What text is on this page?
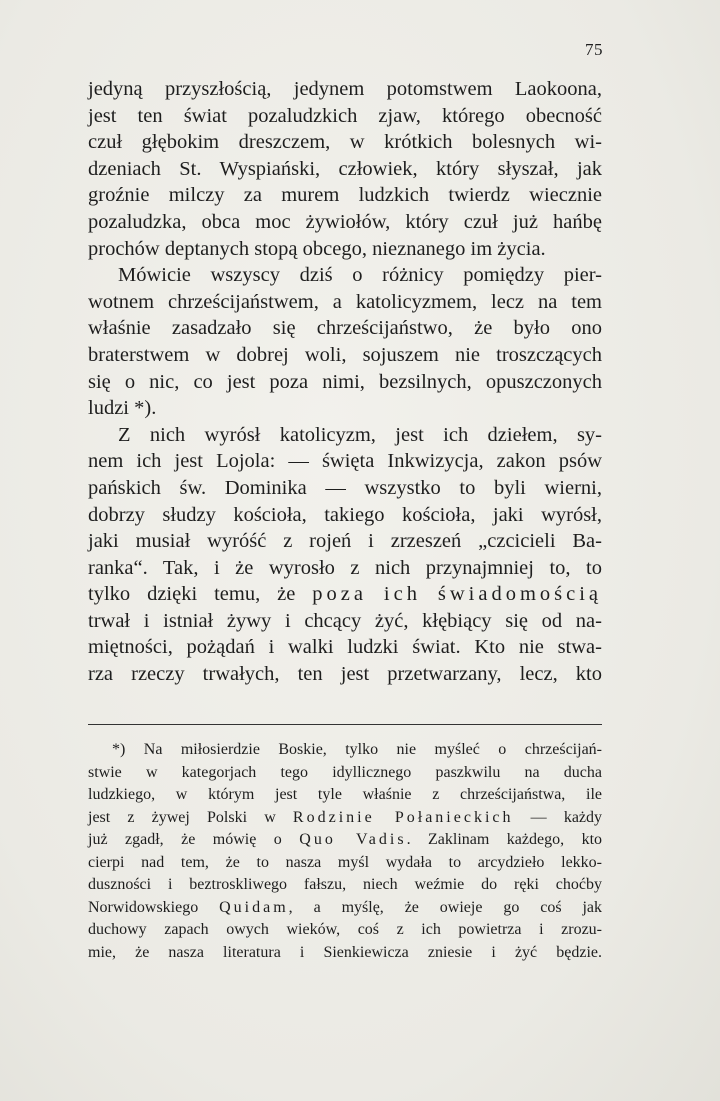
75
jedyną przyszłością, jedynem potomstwem Laokoona,
jest ten świat pozaludzkich zjaw, którego obecność
czuł głębokim dreszczem, w krótkich bolesnych wi-
dzeniach St. Wyspiański, człowiek, który słyszał, jak
groźnie milczy za murem ludzkich twierdz wiecznie
pozaludzka, obca moc żywiołów, który czuł już hańbę
prochów deptanych stopą obcego, nieznanego im życia.
Mówicie wszyscy dziś o różnicy pomiędzy pier-
wotnem chrześcijaństwem, a katolicyzmem, lecz na tem
właśnie zasadzało się chrześcijaństwo, że było ono
braterstwem w dobrej woli, sojuszem nie troszczących
się o nic, co jest poza nimi, bezsilnych, opuszczonych
ludzi *).
Z nich wyrósł katolicyzm, jest ich dziełem, sy-
nem ich jest Lojola: — święta Inkwizycja, zakon psów
pańskich św. Dominika — wszystko to byli wierni,
dobrzy słudzy kościoła, takiego kościoła, jaki wyrósł,
jaki musiał wyróść z rojeń i zrzeszeń „czcicieli Ba-
ranka“. Tak, i że wyrosło z nich przynajmniej to, to
tylko dzięki temu, że poza ich świadomością
trwał i istniał żywy i chcący żyć, kłębiący się od na-
miętności, pożądań i walki ludzki świat. Kto nie stwa-
rza rzeczy trwałych, ten jest przetwarzany, lecz, kto
*) Na miłosierdzie Boskie, tylko nie myśleć o chrześcijań-
stwie w kategorjach tego idyllicznego paszkwilu na ducha
ludzkiego, w którym jest tyle właśnie z chrześcijaństwa, ile
jest z żywej Polski w Rodzinie Połanieckich — każdy
już zgadł, że mówię o Quo Vadis. Zaklinam każdego, kto
cierpi nad tem, że to nasza myśl wydała to arcydzieło lekko-
duszności i beztroskliwego fałszu, niech weźmie do ręki choćby
Norwidowskiego Quidam, a myślę, że owieje go coś jak
duchowy zapach owych wieków, coś z ich powietrza i zrozu-
mie, że nasza literatura i Sienkiewicza zniesie i żyć będzie.
